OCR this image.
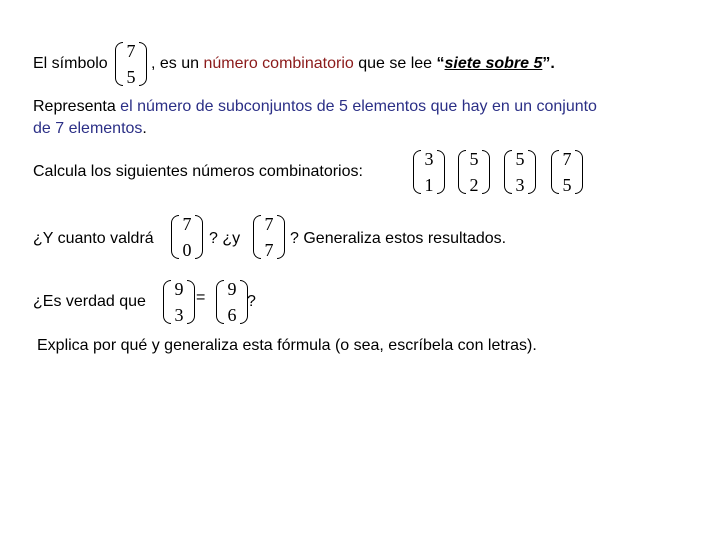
El símbolo
7
5
, es un número combinatorio que se lee “siete sobre 5”.
Representa el número de subconjuntos de 5 elementos que hay en un conjunto
de 7 elementos.
Calcula los siguientes números combinatorios:
3
1
5
2
5
3
7
5
¿Y cuanto valdrá
7
0
? ¿y
7
7
? Generaliza estos resultados.
¿Es verdad que
9
3
= 9
6
?
Explica por qué y generaliza esta fórmula (o sea, escríbela con letras).
